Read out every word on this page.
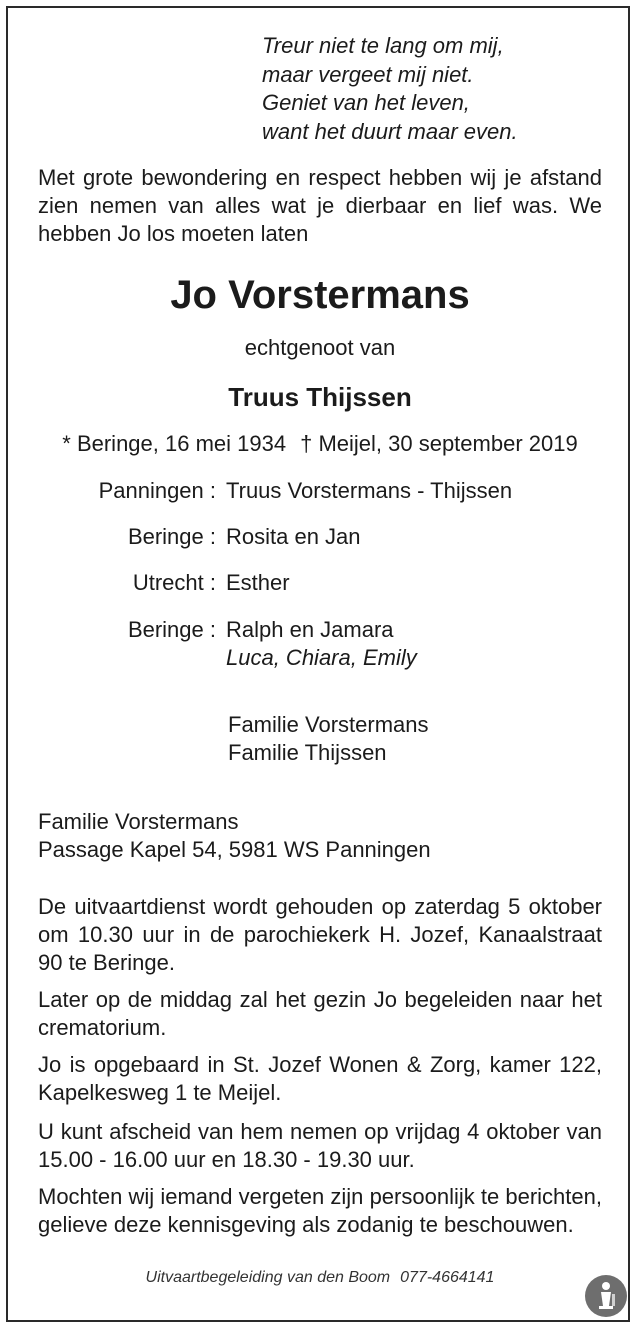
Treur niet te lang om mij,
maar vergeet mij niet.
Geniet van het leven,
want het duurt maar even.
Met grote bewondering en respect hebben wij je afstand zien nemen van alles wat je dierbaar en lief was. We hebben Jo los moeten laten
Jo Vorstermans
echtgenoot van
Truus Thijssen
* Beringe, 16 mei 1934 † Meijel, 30 september 2019
Panningen : Truus Vorstermans - Thijssen
Beringe : Rosita en Jan
Utrecht : Esther
Beringe : Ralph en Jamara
Luca, Chiara, Emily
Familie Vorstermans
Familie Thijssen
Familie Vorstermans
Passage Kapel 54, 5981 WS Panningen
De uitvaartdienst wordt gehouden op zaterdag 5 oktober om 10.30 uur in de parochiekerk H. Jozef, Kanaalstraat 90 te Beringe.
Later op de middag zal het gezin Jo begeleiden naar het crematorium.
Jo is opgebaard in St. Jozef Wonen & Zorg, kamer 122, Kapelkesweg 1 te Meijel.
U kunt afscheid van hem nemen op vrijdag 4 oktober van 15.00 - 16.00 uur en 18.30 - 19.30 uur.
Mochten wij iemand vergeten zijn persoonlijk te berichten, gelieve deze kennisgeving als zodanig te beschouwen.
Uitvaartbegeleiding van den Boom 077-4664141
